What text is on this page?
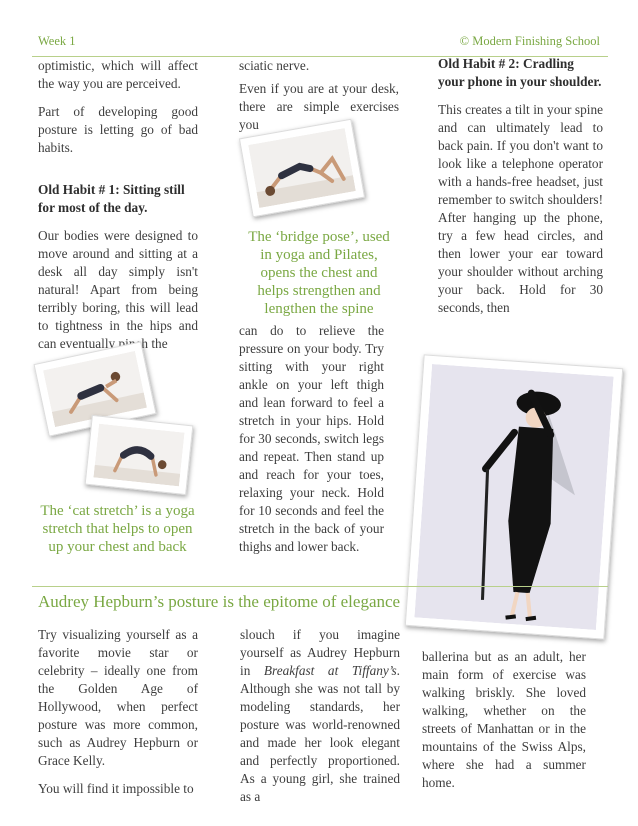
Week 1	© Modern Finishing School

optimistic, which will affect the way you are perceived.

Part of developing good posture is letting go of bad habits.

Old Habit # 1: Sitting still for most of the day.

Our bodies were designed to move around and sitting at a desk all day simply isn't natural! Apart from being terribly boring, this will lead to tightness in the hips and can eventually pinch the

sciatic nerve.

Even if you are at your desk, there are simple exercises you

can do to relieve the pressure on your body. Try sitting with your right ankle on your left thigh and lean forward to feel a stretch in your hips. Hold for 30 seconds, switch legs and repeat. Then stand up and reach for your toes, relaxing your neck. Hold for 10 seconds and feel the stretch in the back of your thighs and lower back.

Old Habit # 2: Cradling your phone in your shoulder.

This creates a tilt in your spine and can ultimately lead to back pain. If you don't want to look like a telephone operator with a hands-free headset, just remember to switch shoulders! After hanging up the phone, try a few head circles, and then lower your ear toward your shoulder without arching your back. Hold for 30 seconds, then

The ‘bridge pose’, used in yoga and Pilates, opens the chest and helps strengthen and lengthen the spine
The ‘cat stretch’ is a yoga stretch that helps to open up your chest and back
Audrey Hepburn’s posture is the epitome of elegance

Try visualizing yourself as a favorite movie star or celebrity – ideally one from the Golden Age of Hollywood, when perfect posture was more common, such as Audrey Hepburn or Grace Kelly.

You will find it impossible to

slouch if you imagine yourself as Audrey Hepburn in Breakfast at Tiffany’s. Although she was not tall by modeling standards, her posture was world-renowned and made her look elegant and perfectly proportioned. As a young girl, she trained as a

ballerina but as an adult, her main form of exercise was walking briskly. She loved walking, whether on the streets of Manhattan or in the mountains of the Swiss Alps, where she had a summer home.
